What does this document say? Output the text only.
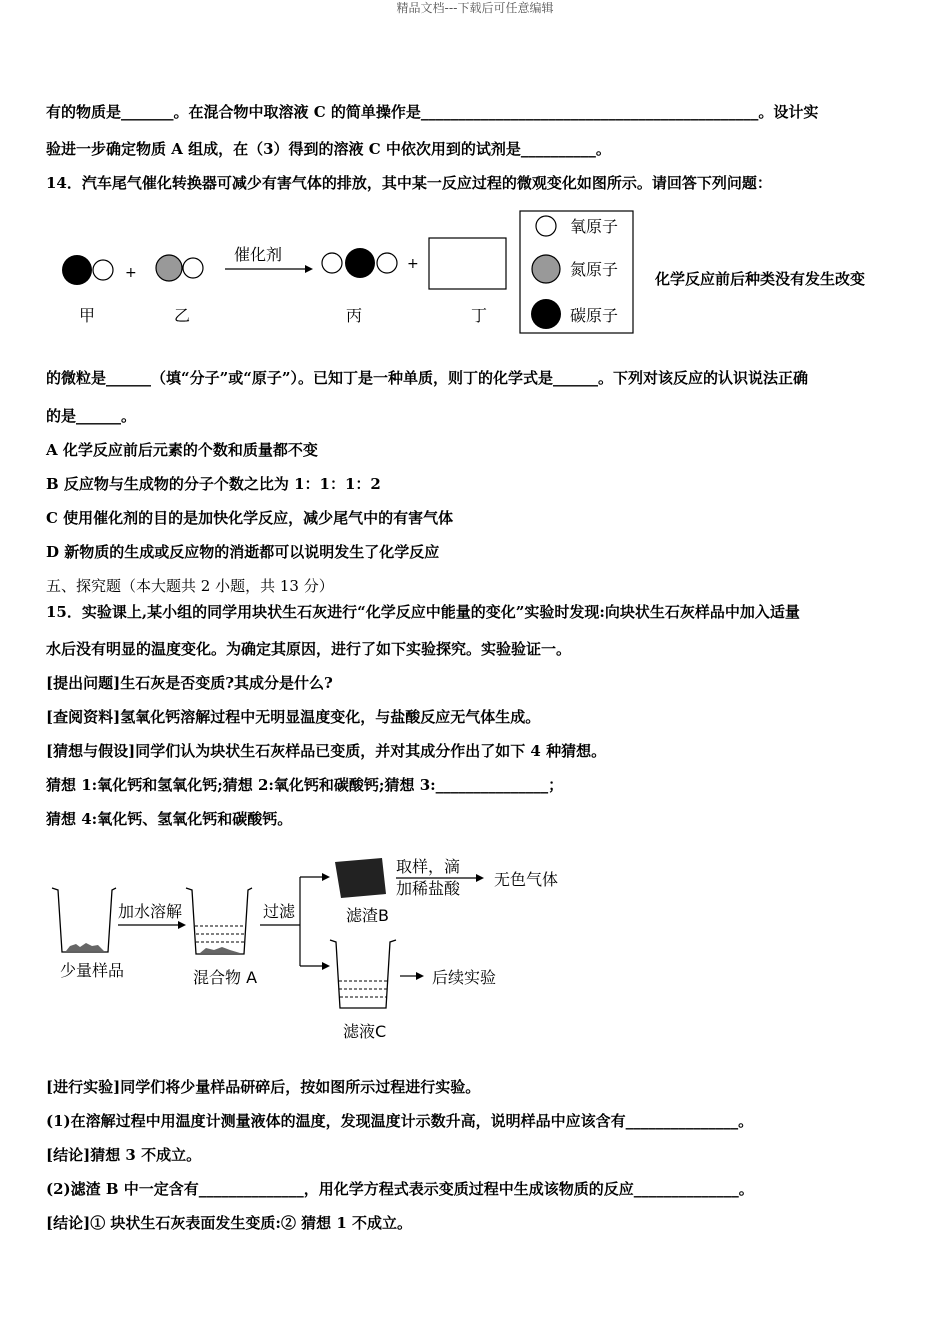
精品文档---下载后可任意编辑
有的物质是_______。在混合物中取溶液 C 的简单操作是_____________________________________________。设计实
验进一步确定物质 A 组成，在（3）得到的溶液 C 中依次用到的试剂是__________。
14．汽车尾气催化转换器可减少有害气体的排放，其中某一反应过程的微观变化如图所示。请回答下列问题：
+
催化剂	+
甲	乙	丙	丁
氧原子
氮原子
碳原子
化学反应前后种类没有发生改变
的微粒是______（填“分子”或“原子”）。已知丁是一种单质，则丁的化学式是______。下列对该反应的认识说法正确
的是______。
A 化学反应前后元素的个数和质量都不变
B 反应物与生成物的分子个数之比为 1：1：1：2
C 使用催化剂的目的是加快化学反应，减少尾气中的有害气体
D 新物质的生成或反应物的消逝都可以说明发生了化学反应
五、探究题（本大题共 2 小题，共 13 分）
15．实验课上,某小组的同学用块状生石灰进行“化学反应中能量的变化”实验时发现:向块状生石灰样品中加入适量
水后没有明显的温度变化。为确定其原因，进行了如下实验探究。实验验证一。
[提出问题]生石灰是否变质?其成分是什么?
[查阅资料]氢氧化钙溶解过程中无明显温度变化，与盐酸反应无气体生成。
[猜想与假设]同学们认为块状生石灰样品已变质，并对其成分作出了如下 4 种猜想。
猜想 1:氧化钙和氢氧化钙;猜想 2:氧化钙和碳酸钙;猜想 3:_______________；
猜想 4:氧化钙、氢氧化钙和碳酸钙。
少量样品
加水溶解
混合物 A
过滤	滤渣B
取样，滴
加稀盐酸 无色气体
滤液C
后续实验
[进行实验]同学们将少量样品研碎后，按如图所示过程进行实验。
(1)在溶解过程中用温度计测量液体的温度，发现温度计示数升高，说明样品中应该含有_______________。
[结论]猜想 3 不成立。
(2)滤渣 B 中一定含有______________，用化学方程式表示变质过程中生成该物质的反应______________。
[结论]① 块状生石灰表面发生变质:② 猜想 1 不成立。
